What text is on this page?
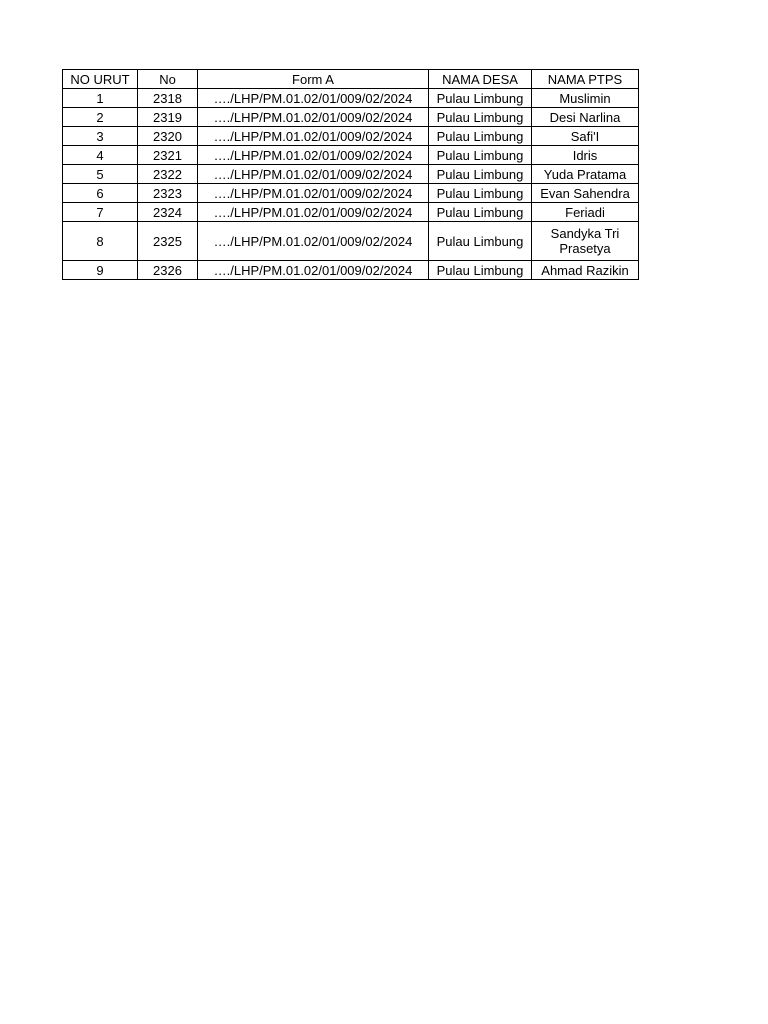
NO URUT	No	Form A	NAMA DESA	NAMA PTPS
1	2318	…./LHP/PM.01.02/01/009/02/2024	Pulau Limbung	Muslimin
2	2319	…./LHP/PM.01.02/01/009/02/2024	Pulau Limbung	Desi Narlina
3	2320	…./LHP/PM.01.02/01/009/02/2024	Pulau Limbung	Safi'I
4	2321	…./LHP/PM.01.02/01/009/02/2024	Pulau Limbung	Idris
5	2322	…./LHP/PM.01.02/01/009/02/2024	Pulau Limbung	Yuda Pratama
6	2323	…./LHP/PM.01.02/01/009/02/2024	Pulau Limbung	Evan Sahendra
7	2324	…./LHP/PM.01.02/01/009/02/2024	Pulau Limbung	Feriadi
8	2325	…./LHP/PM.01.02/01/009/02/2024	Pulau Limbung	Sandyka Tri Prasetya
9	2326	…./LHP/PM.01.02/01/009/02/2024	Pulau Limbung	Ahmad Razikin
